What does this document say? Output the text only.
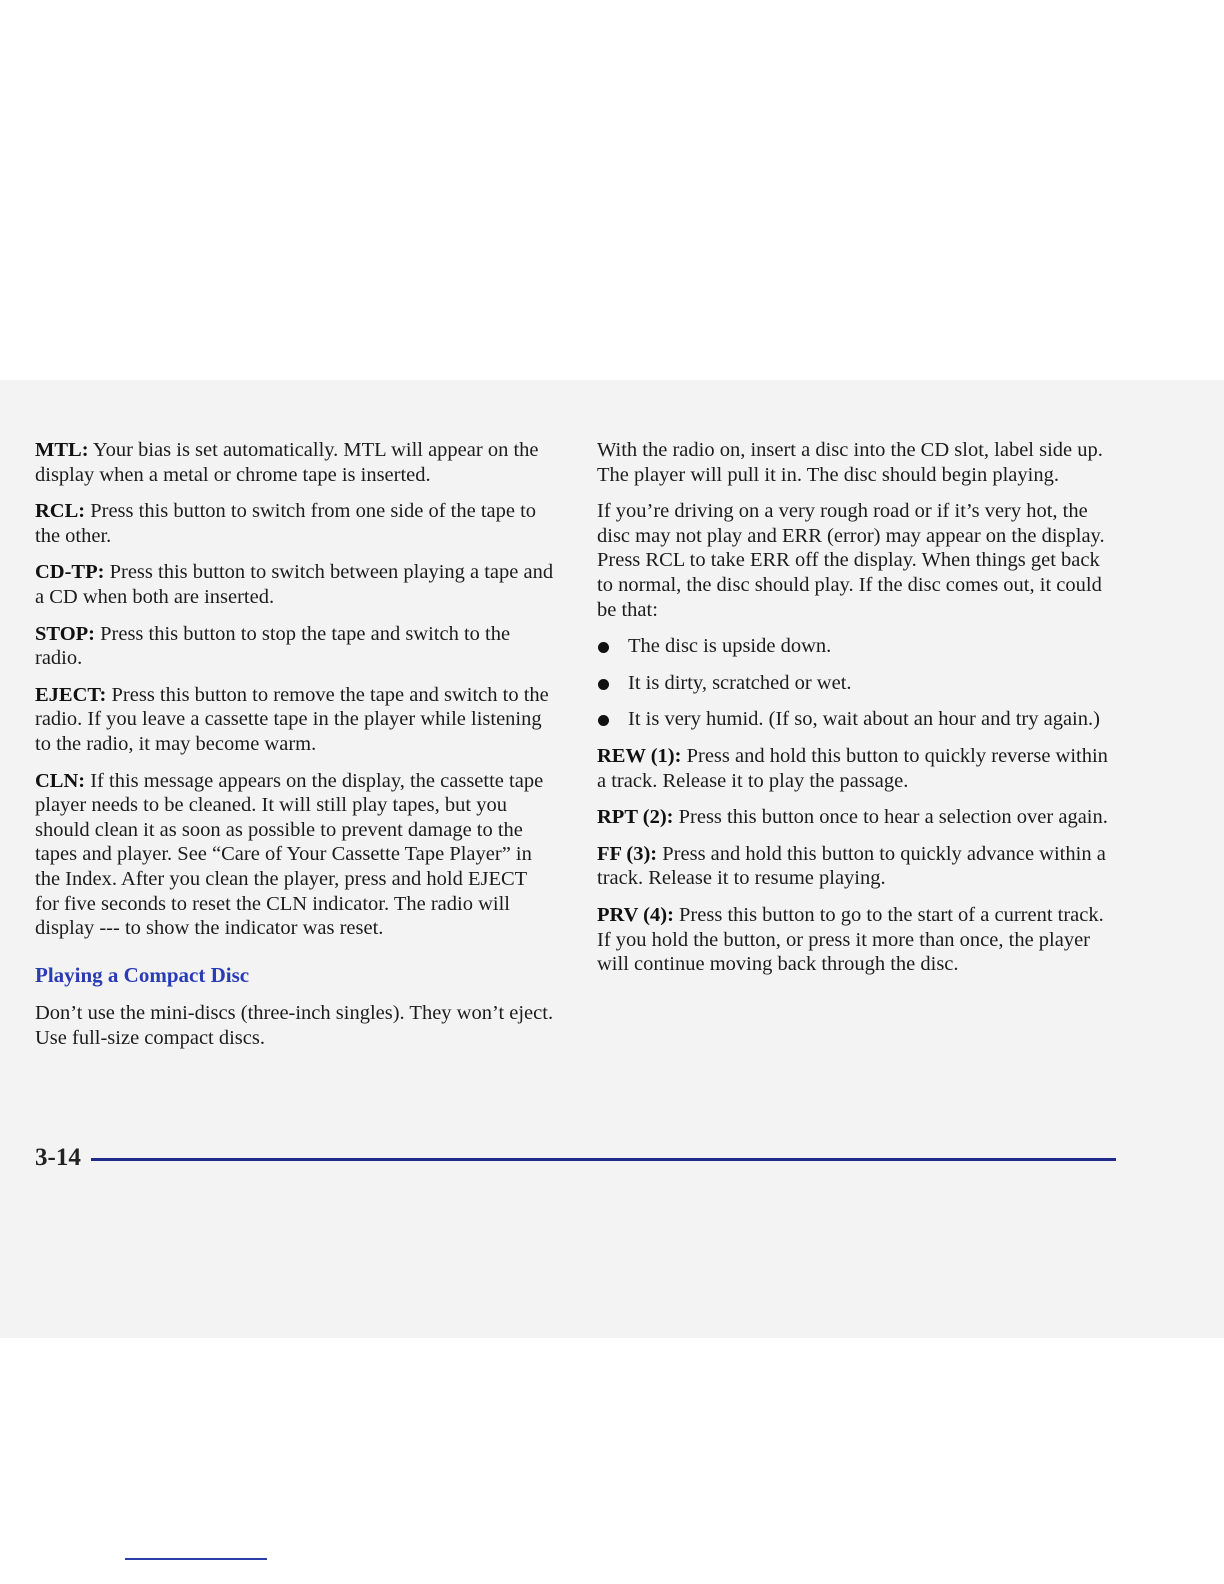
MTL: Your bias is set automatically. MTL will appear on the display when a metal or chrome tape is inserted.

RCL: Press this button to switch from one side of the tape to the other.

CD-TP: Press this button to switch between playing a tape and a CD when both are inserted.

STOP: Press this button to stop the tape and switch to the radio.

EJECT: Press this button to remove the tape and switch to the radio. If you leave a cassette tape in the player while listening to the radio, it may become warm.

CLN: If this message appears on the display, the cassette tape player needs to be cleaned. It will still play tapes, but you should clean it as soon as possible to prevent damage to the tapes and player. See “Care of Your Cassette Tape Player” in the Index. After you clean the player, press and hold EJECT for five seconds to reset the CLN indicator. The radio will display --- to show the indicator was reset.

Playing a Compact Disc

Don’t use the mini-discs (three-inch singles). They won’t eject. Use full-size compact discs.

With the radio on, insert a disc into the CD slot, label side up. The player will pull it in. The disc should begin playing.

If you’re driving on a very rough road or if it’s very hot, the disc may not play and ERR (error) may appear on the display. Press RCL to take ERR off the display. When things get back to normal, the disc should play. If the disc comes out, it could be that:

The disc is upside down.
It is dirty, scratched or wet.
It is very humid. (If so, wait about an hour and try again.)

REW (1): Press and hold this button to quickly reverse within a track. Release it to play the passage.

RPT (2): Press this button once to hear a selection over again.

FF (3): Press and hold this button to quickly advance within a track. Release it to resume playing.

PRV (4): Press this button to go to the start of a current track. If you hold the button, or press it more than once, the player will continue moving back through the disc.

3-14
